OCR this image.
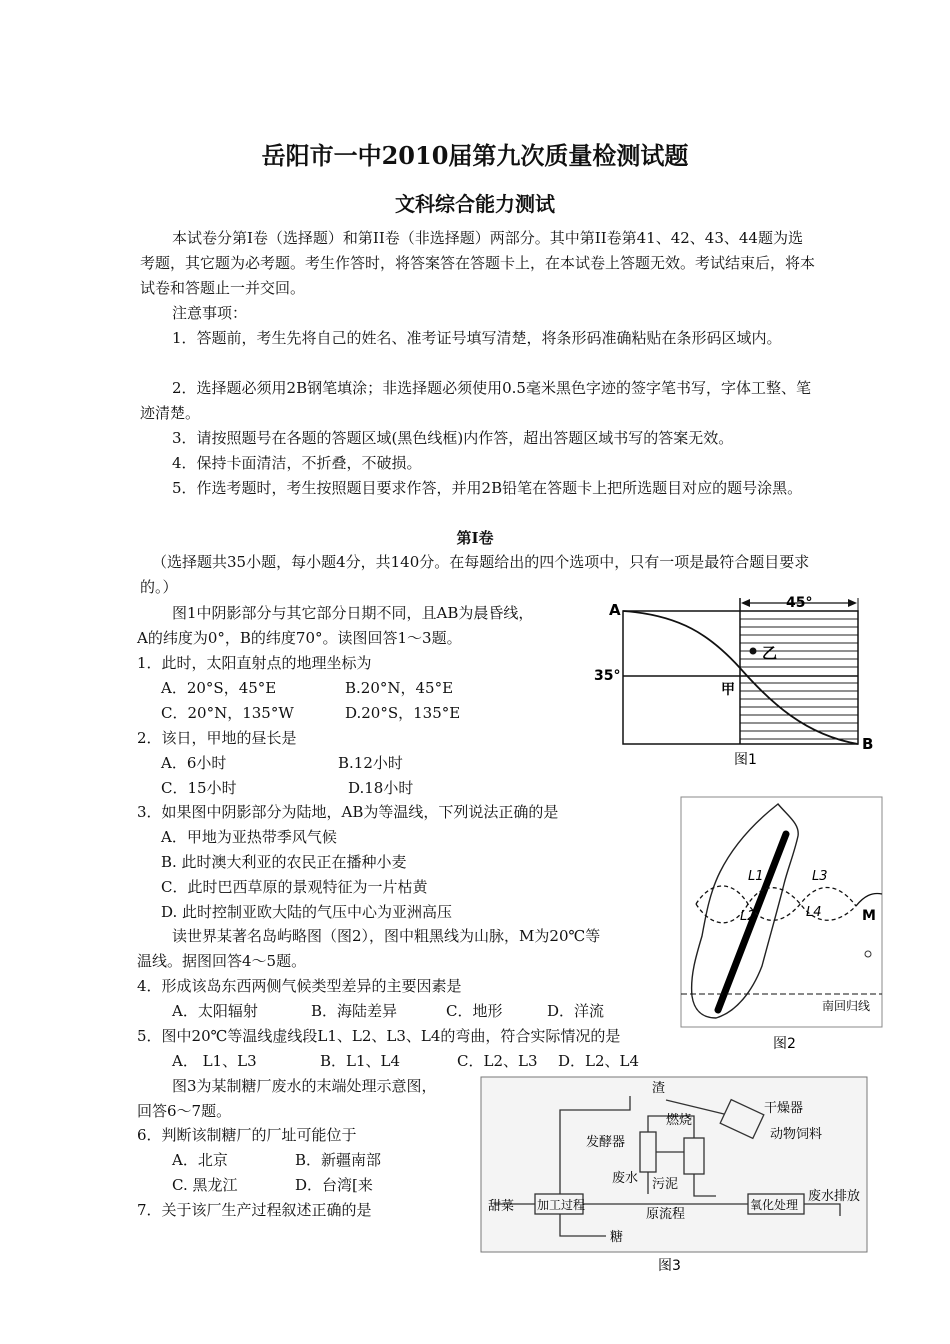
岳阳市一中2010届第九次质量检测试题
文科综合能力测试
本试卷分第I卷（选择题）和第II卷（非选择题）两部分。其中第II卷第41、42、43、44题为选考题，其它题为必考题。考生作答时，将答案答在答题卡上，在本试卷上答题无效。考试结束后，将本试卷和答题止一并交回。
注意事项：
1．答题前，考生先将自己的姓名、准考证号填写清楚，将条形码准确粘贴在条形码区域内。
2．选择题必须用2B钢笔填涂；非选择题必须使用0.5毫米黑色字迹的签字笔书写，字体工整、笔迹清楚。
3．请按照题号在各题的答题区域(黑色线框)内作答，超出答题区域书写的答案无效。
4．保持卡面清洁，不折叠，不破损。
5．作选考题时，考生按照题目要求作答，并用2B铅笔在答题卡上把所选题目对应的题号涂黑。
第Ⅰ卷
（选择题共35小题，每小题4分，共140分。在每题给出的四个选项中，只有一项是最符合题目要求的。）
图1中阴影部分与其它部分日期不同，且AB为晨昏线，
A的纬度为0°，B的纬度70°。读图回答1～3题。
1．此时，太阳直射点的地理坐标为
A．20°S，45°E	B.20°N，45°E
C．20°N，135°W	D.20°S，135°E
2．该日，甲地的昼长是
A．6小时	B.12小时
C．15小时	D.18小时
3．如果图中阴影部分为陆地，AB为等温线，下列说法正确的是
A．甲地为亚热带季风气候
B. 此时澳大利亚的农民正在播种小麦
C．此时巴西草原的景观特征为一片枯黄
D. 此时控制亚欧大陆的气压中心为亚洲高压
读世界某著名岛屿略图（图2），图中粗黑线为山脉，M为20℃等
温线。据图回答4～5题。
4．形成该岛东西两侧气候类型差异的主要因素是
A．太阳辐射	B．海陆差异	C．地形	D．洋流
5．图中20℃等温线虚线段L1、L2、L3、L4的弯曲，符合实际情况的是
A． L1、L3	B．L1、L4	C．L2、L3 D．L2、L4
图3为某制糖厂废水的末端处理示意图，
回答6～7题。
6．判断该制糖厂的厂址可能位于
A．北京	B．新疆南部
C. 黑龙江	D．台湾[来
7．关于该厂生产过程叙述正确的是
A
B
35°
45°
甲
乙
图1
L1
L2
L3
L4	M
南回归线
图2
渣
燃烧
干燥器
动物饲料
发酵器
废水 污泥
甜菜 加工过程
原流程
氧化处理
废水排放
糖
图3
